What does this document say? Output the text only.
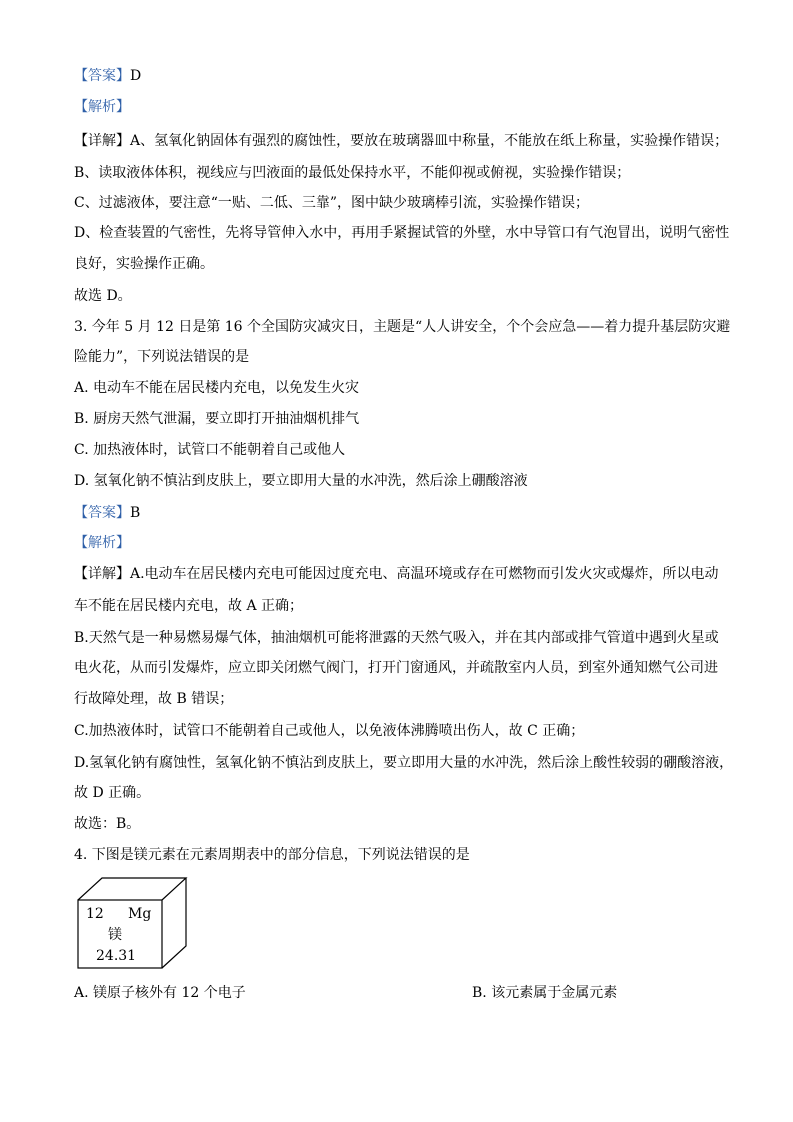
【答案】D
【解析】
【详解】A、氢氧化钠固体有强烈的腐蚀性，要放在玻璃器皿中称量，不能放在纸上称量，实验操作错误；
B、读取液体体积，视线应与凹液面的最低处保持水平，不能仰视或俯视，实验操作错误；
C、过滤液体，要注意“一贴、二低、三靠”，图中缺少玻璃棒引流，实验操作错误；
D、检查装置的气密性，先将导管伸入水中，再用手紧握试管的外壁，水中导管口有气泡冒出，说明气密性
良好，实验操作正确。
故选 D。
3. 今年 5 月 12 日是第 16 个全国防灾减灾日，主题是“人人讲安全，个个会应急——着力提升基层防灾避
险能力”，下列说法错误的是
A. 电动车不能在居民楼内充电，以免发生火灾
B. 厨房天然气泄漏，要立即打开抽油烟机排气
C. 加热液体时，试管口不能朝着自己或他人
D. 氢氧化钠不慎沾到皮肤上，要立即用大量的水冲洗，然后涂上硼酸溶液
【答案】B
【解析】
【详解】A.电动车在居民楼内充电可能因过度充电、高温环境或存在可燃物而引发火灾或爆炸，所以电动
车不能在居民楼内充电，故 A 正确；
B.天然气是一种易燃易爆气体，抽油烟机可能将泄露的天然气吸入，并在其内部或排气管道中遇到火星或
电火花，从而引发爆炸，应立即关闭燃气阀门，打开门窗通风，并疏散室内人员，到室外通知燃气公司进
行故障处理，故 B 错误；
C.加热液体时，试管口不能朝着自己或他人，以免液体沸腾喷出伤人，故 C 正确；
D.氢氧化钠有腐蚀性，氢氧化钠不慎沾到皮肤上，要立即用大量的水冲洗，然后涂上酸性较弱的硼酸溶液，
故 D 正确。
故选：B。
4. 下图是镁元素在元素周期表中的部分信息，下列说法错误的是
12 Mg
镁
24.31
A. 镁原子核外有 12 个电子	B. 该元素属于金属元素
